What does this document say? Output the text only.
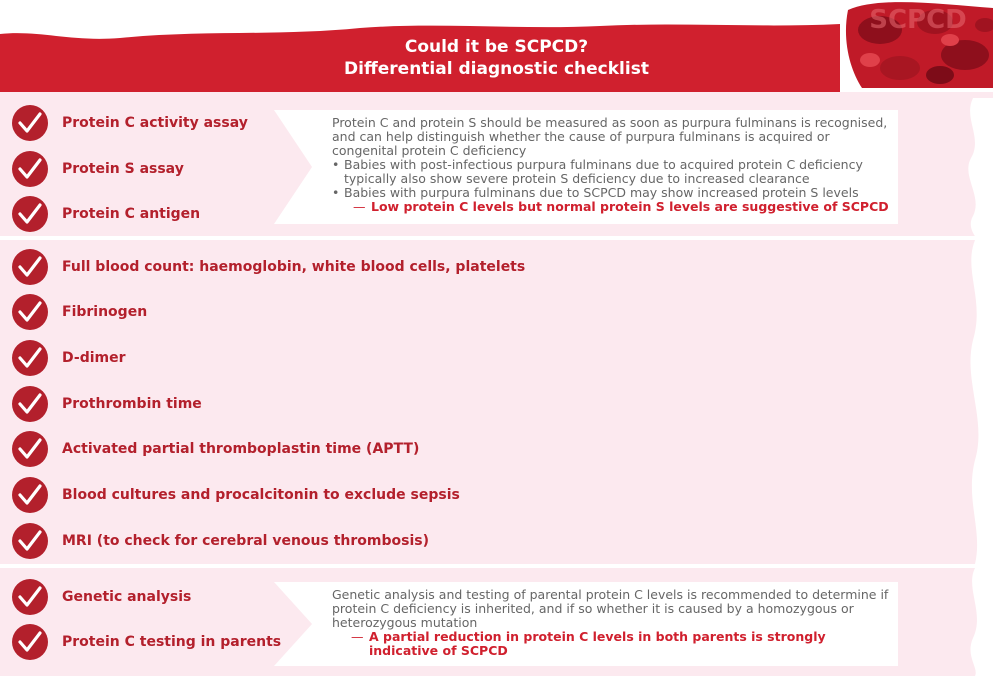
SCPCD
Could it be SCPCD?
Differential diagnostic checklist

Protein C and protein S should be measured as soon as purpura fulminans is recognised, and can help distinguish whether the cause of purpura fulminans is acquired or congenital protein C deficiency

• Babies with post-infectious purpura fulminans due to acquired protein C deficiency typically also show severe protein S deficiency due to increased clearance
• Babies with purpura fulminans due to SCPCD may show increased protein S levels
— Low protein C levels but normal protein S levels are suggestive of SCPCD

Genetic analysis and testing of parental protein C levels is recommended to determine if protein C deficiency is inherited, and if so whether it is caused by a homozygous or heterozygous mutation

— A partial reduction in protein C levels in both parents is strongly indicative of SCPCD
Protein C activity assay
Protein S assay
Protein C antigen
Full blood count: haemoglobin, white blood cells, platelets
Fibrinogen
D-dimer
Prothrombin time
Activated partial thromboplastin time (APTT)
Blood cultures and procalcitonin to exclude sepsis
MRI (to check for cerebral venous thrombosis)
Genetic analysis
Protein C testing in parents
